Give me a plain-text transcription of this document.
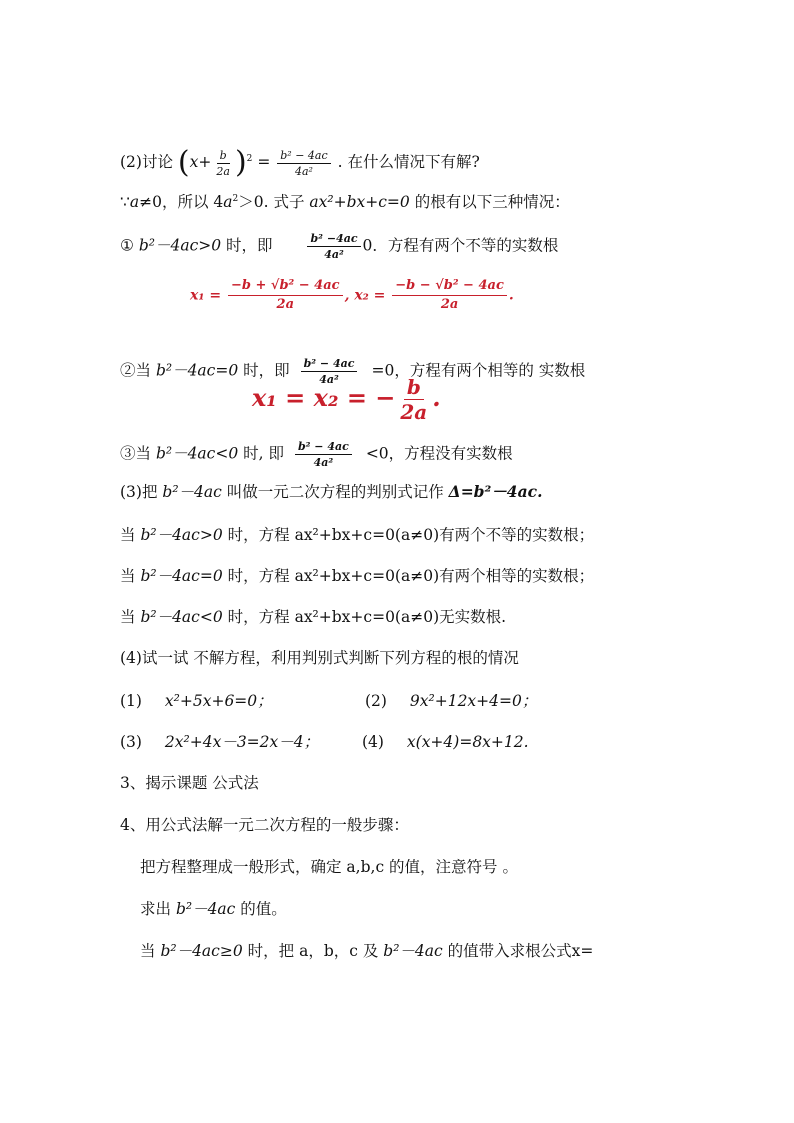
(2)讨论 $(x+ \frac{b}{2a} )^2 = \frac{\text{b² − 4ac}}{\text{4a²}}$ . 在什么情况下有解?
∵a≠0，所以 $4a^2>0$. 式子 ax²+bx+c=0 的根有以下三种情况：
① b²－4ac>0 时，即	$\frac{\text{b² −4ac}}{\text{4a²}} 0$．方程有两个不等的实数根
$x_1 = \frac{\text{−b + √b² − 4ac}}{2a}$ , $x_2 = \frac{\text{−b − √b² − 4ac}}{2a}$ .
②当 b²－4ac=0 时，即 $\frac{\text{b² − 4ac}}{\text{4a²}} =0$，方程有两个相等的 实数根
x₁ = x₂ = − $\frac{b}{2a}$ .
③当 b²－4ac<0 时, 即 $\frac{\text{b² − 4ac}}{\text{4a²}} <0$，方程没有实数根
(3)把 b²－4ac 叫做一元二次方程的判别式记作 Δ=b²－4ac.
当 b²－4ac>0 时，方程 ax²+bx+c=0(a≠0)有两个不等的实数根；
当 b²－4ac=0 时，方程 ax²+bx+c=0(a≠0)有两个相等的实数根；
当 b²－4ac<0 时，方程 ax²+bx+c=0(a≠0)无实数根.
(4)试一试 不解方程，利用判别式判断下列方程的根的情况
(1) x²+5x+6=0；	(2) 9x²+12x+4=0；
(3) 2x²+4x－3=2x－4；	(4) x(x+4)=8x+12.
3、揭示课题 公式法
4、用公式法解一元二次方程的一般步骤：
把方程整理成一般形式，确定 a,b,c 的值，注意符号 。
求出 b²－4ac 的值。
当 b²－4ac≥0 时，把 a，b，c 及 b²－4ac 的值带入求根公式x=
